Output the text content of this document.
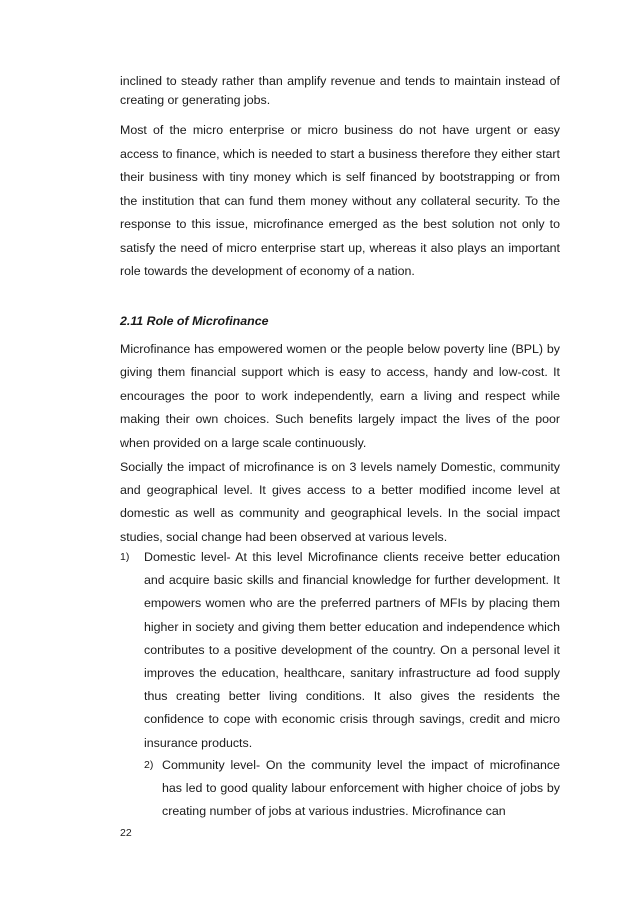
inclined to steady rather than amplify revenue and tends to maintain instead of creating or generating jobs.

Most of the micro enterprise or micro business do not have urgent or easy access to finance, which is needed to start a business therefore they either start their business with tiny money which is self financed by bootstrapping or from the institution that can fund them money without any collateral security. To the response to this issue, microfinance emerged as the best solution not only to satisfy the need of micro enterprise start up, whereas it also plays an important role towards the development of economy of a nation.

2.11 Role of Microfinance

Microfinance has empowered women or the people below poverty line (BPL) by giving them financial support which is easy to access, handy and low-cost. It encourages the poor to work independently, earn a living and respect while making their own choices. Such benefits largely impact the lives of the poor when provided on a large scale continuously.

Socially the impact of microfinance is on 3 levels namely Domestic, community and geographical level. It gives access to a better modified income level at domestic as well as community and geographical levels. In the social impact studies, social change had been observed at various levels.

1) Domestic level- At this level Microfinance clients receive better education and acquire basic skills and financial knowledge for further development. It empowers women who are the preferred partners of MFIs by placing them higher in society and giving them better education and independence which contributes to a positive development of the country. On a personal level it improves the education, healthcare, sanitary infrastructure ad food supply thus creating better living conditions. It also gives the residents the confidence to cope with economic crisis through savings, credit and micro insurance products.

2) Community level- On the community level the impact of microfinance has led to good quality labour enforcement with higher choice of jobs by creating number of jobs at various industries. Microfinance can

22
